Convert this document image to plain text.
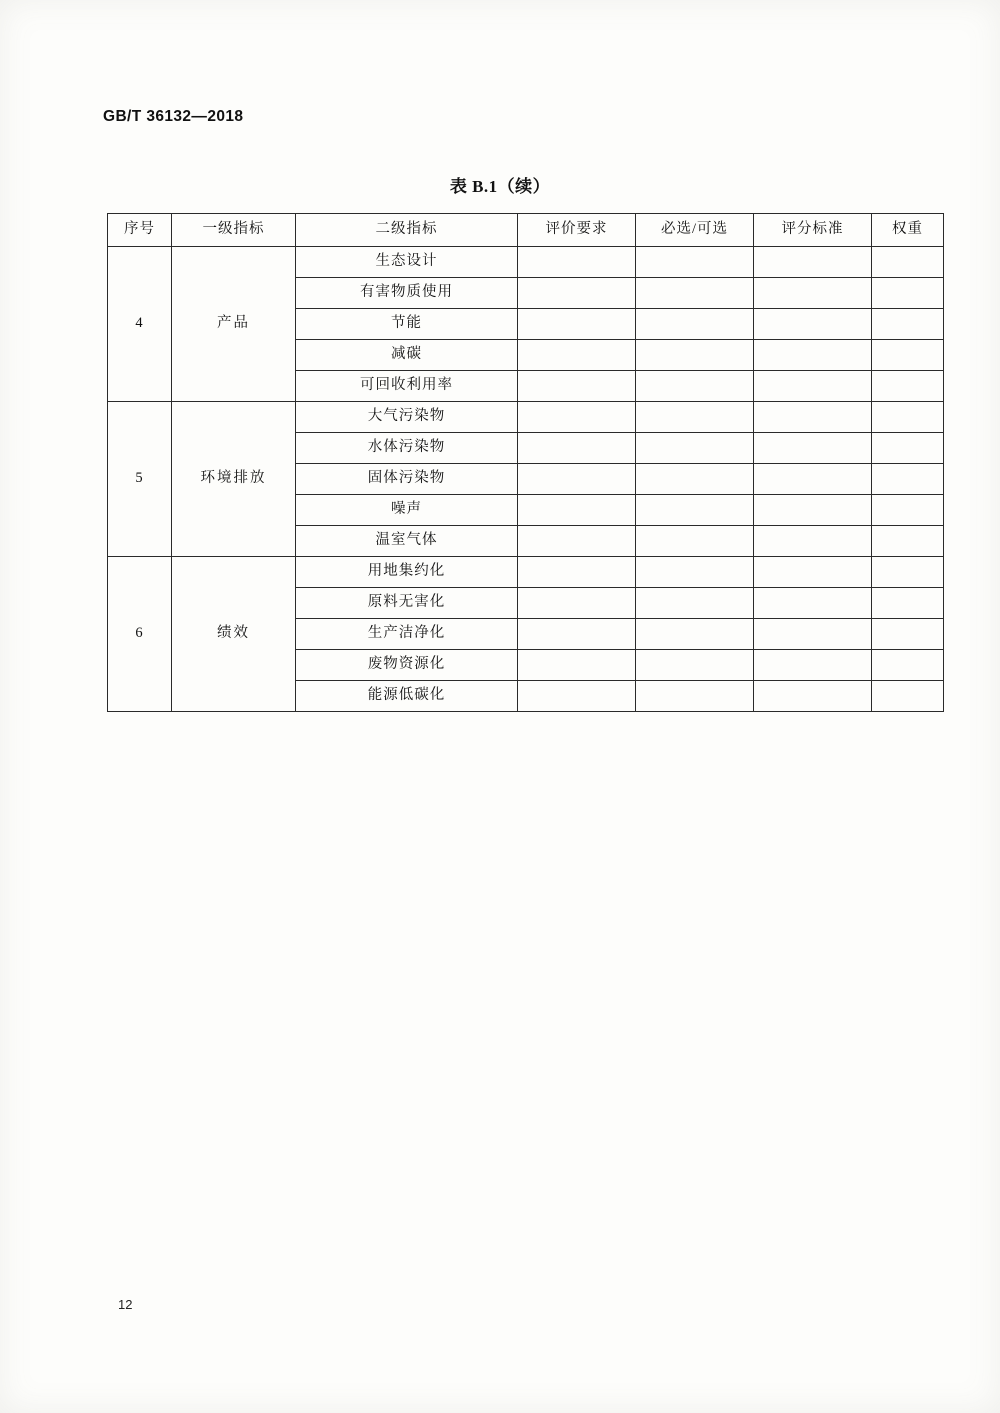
GB/T 36132—2018
表 B.1（续）
序号	一级指标	二级指标	评价要求	必选/可选	评分标准	权重

4	产品	生态设计				

		有害物质使用				

		节能				

		减碳				

		可回收利用率				

5	环境排放	大气污染物				

		水体污染物				

		固体污染物				

		噪声				

		温室气体				

6	绩效	用地集约化				

		原料无害化				

		生产洁净化				

		废物资源化				

		能源低碳化				

12
